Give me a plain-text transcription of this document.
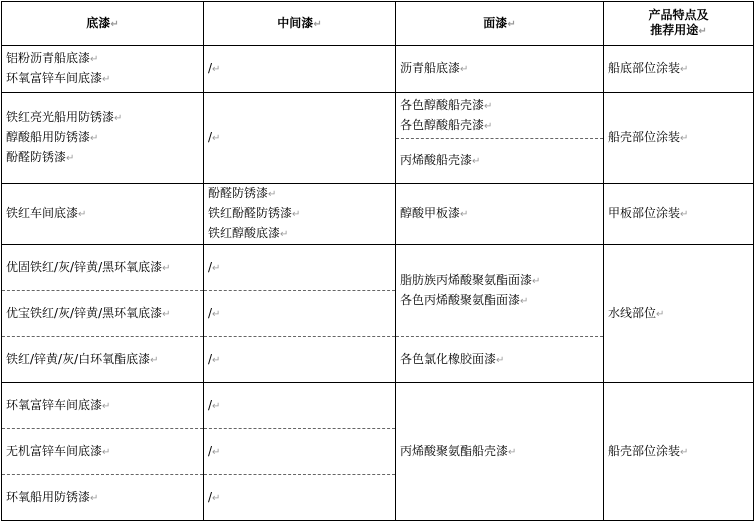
底漆↵	中间漆↵	面漆↵	产品特点及
推荐用途↵

铝粉沥青船底漆↵
环氧富锌车间底漆↵	/↵	沥青船底漆↵	船底部位涂装↵

铁红亮光船用防锈漆↵
醇酸船用防锈漆↵
酚醛防锈漆↵	/↵	各色醇酸船壳漆↵
各色醇酸船壳漆↵	船壳部位涂装↵

		丙烯酸船壳漆↵	

铁红车间底漆↵	酚醛防锈漆↵
铁红酚醛防锈漆↵
铁红醇酸底漆↵	醇酸甲板漆↵	甲板部位涂装↵

优固铁红/灰/锌黄/黑环氧底漆↵	/↵	脂肪族丙烯酸聚氨酯面漆↵
各色丙烯酸聚氨酯面漆↵	水线部位↵

优宝铁红/灰/锌黄/黑环氧底漆↵	/↵		

铁红/锌黄/灰/白环氧酯底漆↵	/↵	各色氯化橡胶面漆↵	

环氧富锌车间底漆↵	/↵	丙烯酸聚氨酯船壳漆↵	船壳部位涂装↵

无机富锌车间底漆↵	/↵		

环氧船用防锈漆↵	/↵		
